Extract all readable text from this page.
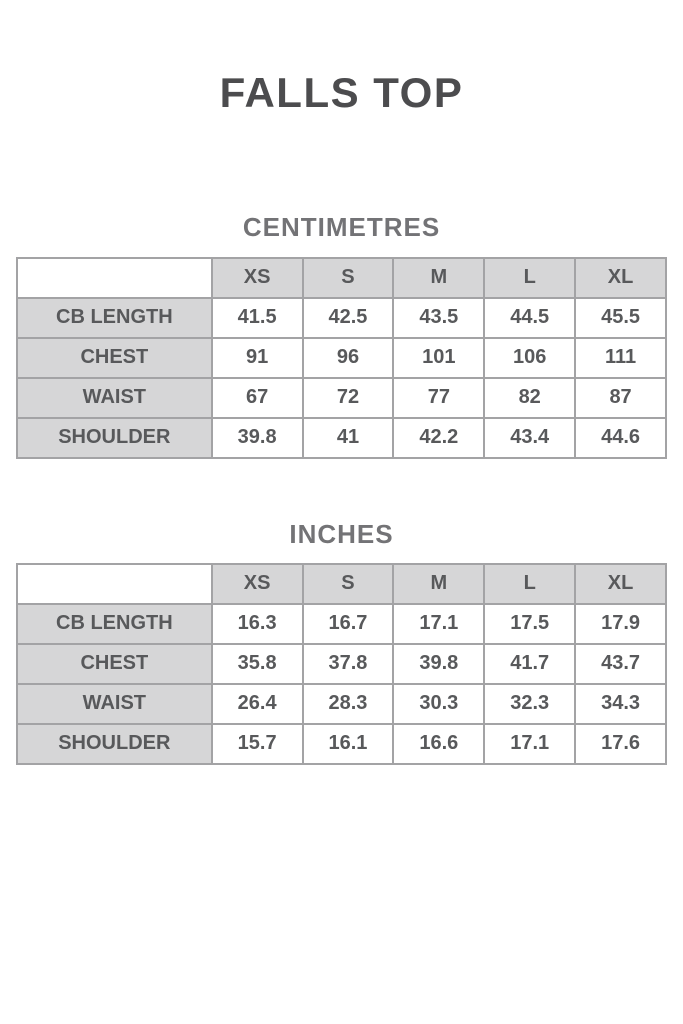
FALLS TOP
CENTIMETRES
	XS	S	M	L	XL
CB LENGTH	41.5	42.5	43.5	44.5	45.5
CHEST	91	96	101	106	111
WAIST	67	72	77	82	87
SHOULDER	39.8	41	42.2	43.4	44.6
INCHES
	XS	S	M	L	XL
CB LENGTH	16.3	16.7	17.1	17.5	17.9
CHEST	35.8	37.8	39.8	41.7	43.7
WAIST	26.4	28.3	30.3	32.3	34.3
SHOULDER	15.7	16.1	16.6	17.1	17.6
